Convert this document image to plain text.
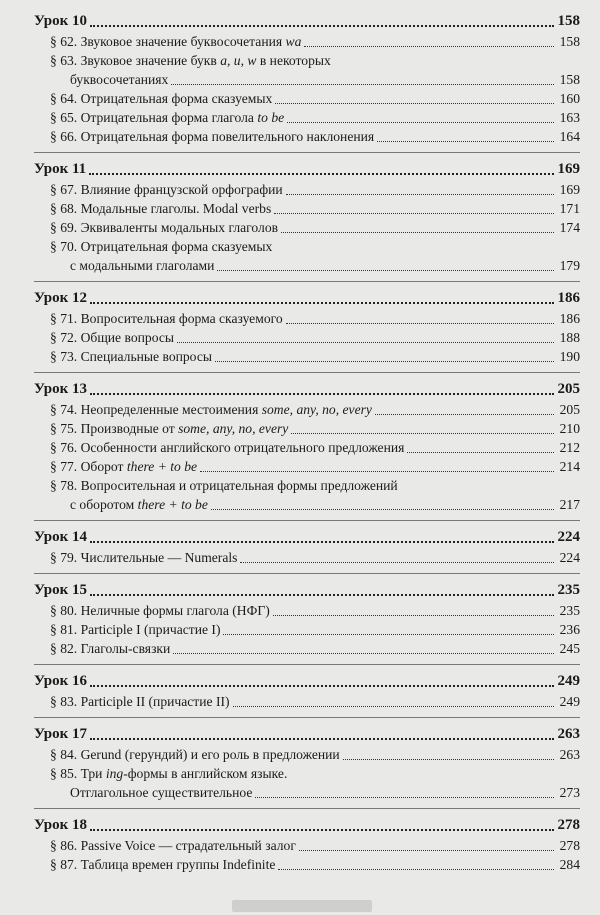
Урок 10	158
§ 62. Звуковое значение буквосочетания wa	158
§ 63. Звуковое значение букв a, u, w в некоторых
буквосочетаниях	158
§ 64. Отрицательная форма сказуемых	160
§ 65. Отрицательная форма глагола to be	163
§ 66. Отрицательная форма повелительного наклонения	164
Урок 11	169
§ 67. Влияние французской орфографии	169
§ 68. Модальные глаголы. Modal verbs	171
§ 69. Эквиваленты модальных глаголов	174
§ 70. Отрицательная форма сказуемых
с модальными глаголами	179
Урок 12	186
§ 71. Вопросительная форма сказуемого	186
§ 72. Общие вопросы	188
§ 73. Специальные вопросы	190
Урок 13	205
§ 74. Неопределенные местоимения some, any, no, every	205
§ 75. Производные от some, any, no, every	210
§ 76. Особенности английского отрицательного предложения	212
§ 77. Оборот there + to be	214
§ 78. Вопросительная и отрицательная формы предложений
с оборотом there + to be	217
Урок 14	224
§ 79. Числительные — Numerals	224
Урок 15	235
§ 80. Неличные формы глагола (НФГ)	235
§ 81. Participle I (причастие I)	236
§ 82. Глаголы-связки	245
Урок 16	249
§ 83. Participle II (причастие II)	249
Урок 17	263
§ 84. Gerund (герундий) и его роль в предложении	263
§ 85. Три ing-формы в английском языке.
Отглагольное существительное	273
Урок 18	278
§ 86. Passive Voice — страдательный залог	278
§ 87. Таблица времен группы Indefinite	284
